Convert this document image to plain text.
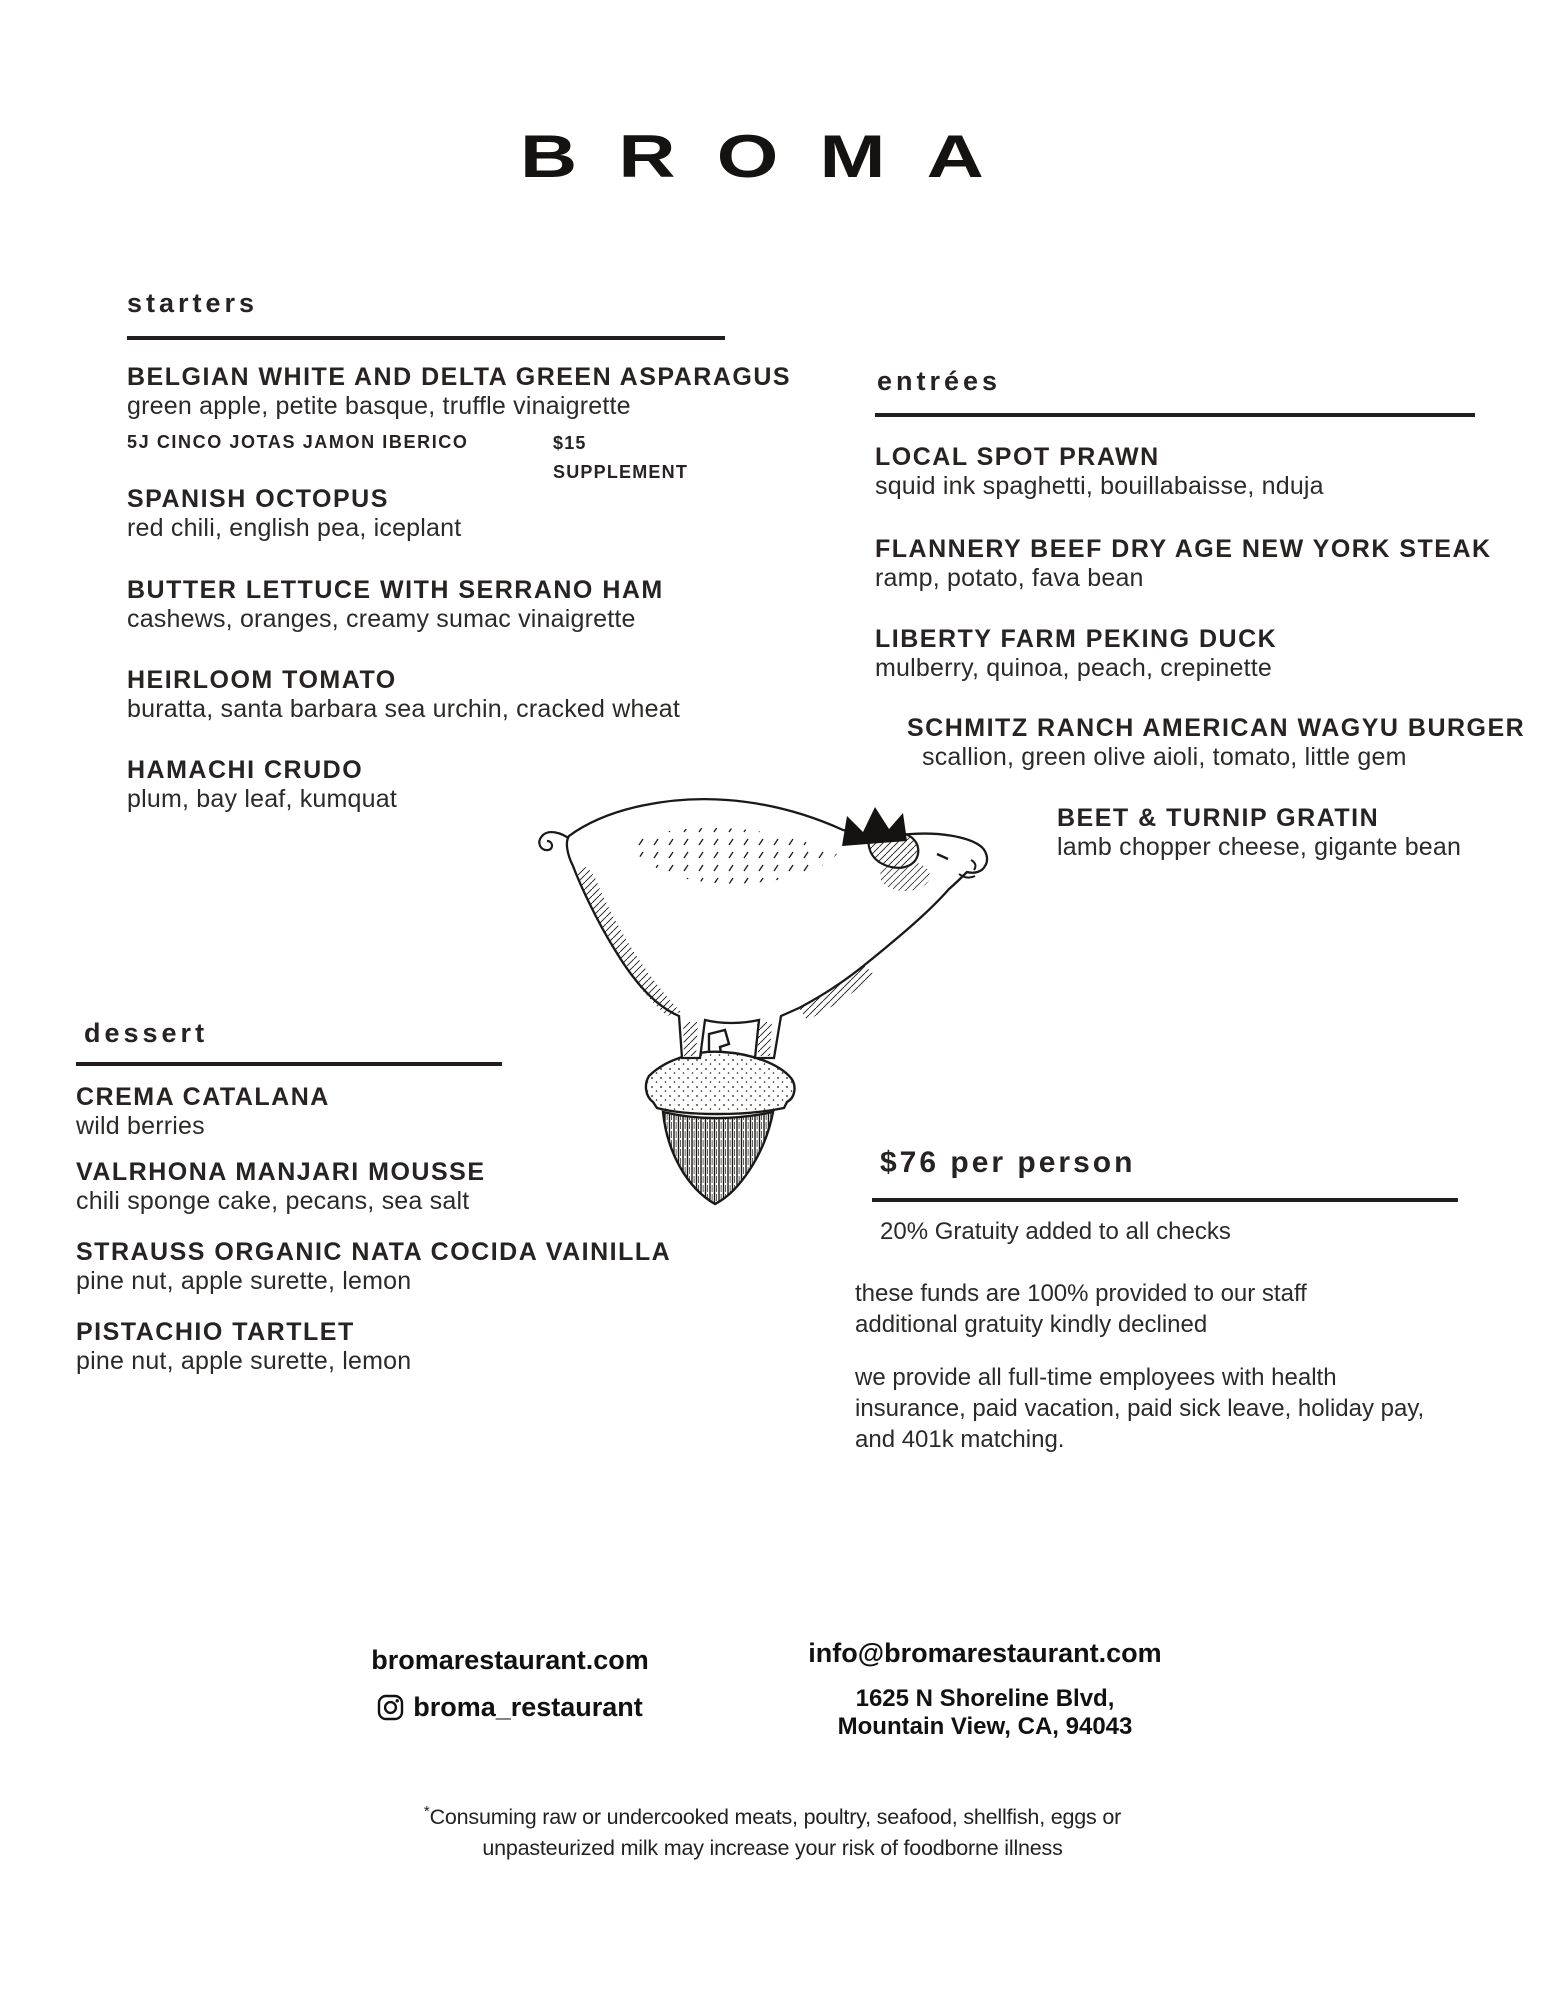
BROMA
starters
BELGIAN WHITE AND DELTA GREEN ASPARAGUS
green apple, petite basque, truffle vinaigrette
5J CINCO JOTAS JAMON IBERICO	$15 SUPPLEMENT
SPANISH OCTOPUS
red chili, english pea, iceplant
BUTTER LETTUCE WITH SERRANO HAM
cashews, oranges, creamy sumac vinaigrette
HEIRLOOM TOMATO
buratta, santa barbara sea urchin, cracked wheat
HAMACHI CRUDO
plum, bay leaf, kumquat
entrées
LOCAL SPOT PRAWN
squid ink spaghetti, bouillabaisse, nduja
FLANNERY BEEF DRY AGE NEW YORK STEAK
ramp, potato, fava bean
LIBERTY FARM PEKING DUCK
mulberry, quinoa, peach, crepinette
SCHMITZ RANCH AMERICAN WAGYU BURGER
scallion, green olive aioli, tomato, little gem
BEET & TURNIP GRATIN
lamb chopper cheese, gigante bean
dessert
CREMA CATALANA
wild berries
VALRHONA MANJARI MOUSSE
chili sponge cake, pecans, sea salt
STRAUSS ORGANIC NATA COCIDA VAINILLA
pine nut, apple surette, lemon
PISTACHIO TARTLET
pine nut, apple surette, lemon
$76 per person
20% Gratuity added to all checks
these funds are 100% provided to our staff
additional gratuity kindly declined
we provide all full-time employees with health
insurance, paid vacation, paid sick leave, holiday pay,
and 401k matching.
bromarestaurant.com
broma_restaurant
info@bromarestaurant.com
1625 N Shoreline Blvd,
Mountain View, CA, 94043
*Consuming raw or undercooked meats, poultry, seafood, shellfish, eggs or
unpasteurized milk may increase your risk of foodborne illness
